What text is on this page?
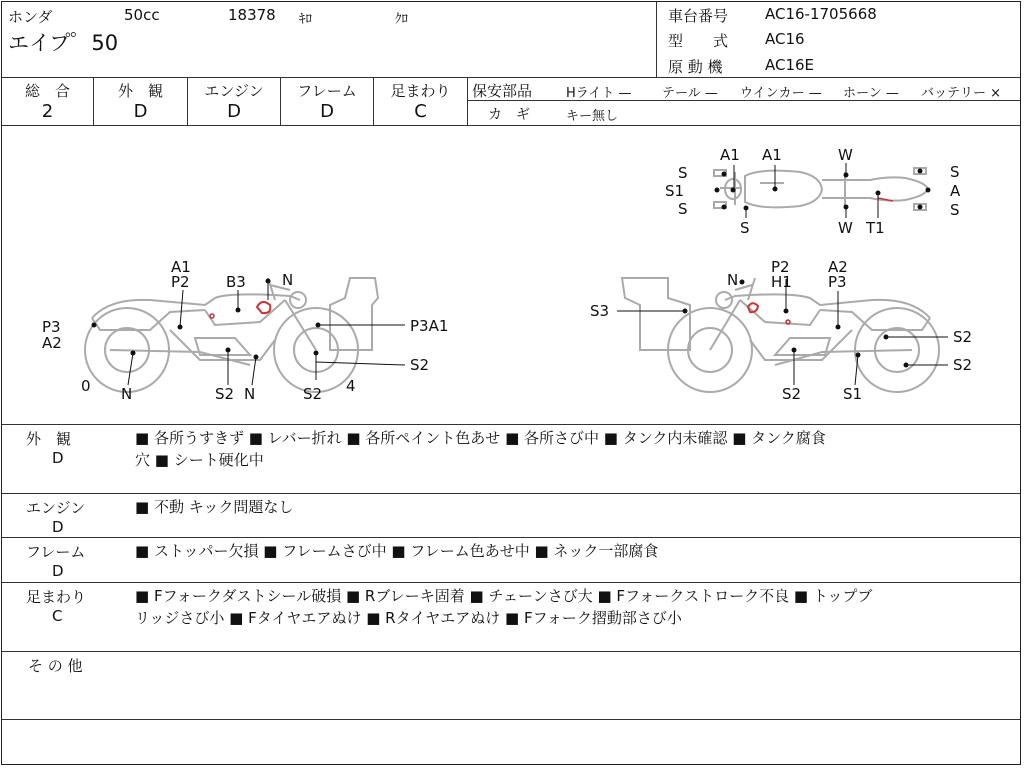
ホンダ	50cc	18378 ｷﾛ	ｸﾛ
エイプ゜50
車台番号 AC16-1705668
型　　式 AC16
原 動 機	AC16E
総　合
2
外　観
D
エンジン
D
フレーム
D
足まわり
C
保安部品	Hライト — テール — ウインカー — ホーン — バッテリー ×
カ　ギ	キー無し
S
S1
S
A1 A1	W
S
A
S
S	W T1
A1
P2 B3 N
P3
A2
P3A1
S2
0 N	S2 N	S2 4
N
P2
H1
A2
P3
S3
S2
S2
S2	S1
外　観
D
■ 各所うすきず ■ レバー折れ ■ 各所ペイント色あせ ■ 各所さび中 ■ タンク内未確認 ■ タンク腐食
穴 ■ シート硬化中
エンジン
D
■ 不動 キック問題なし
フレーム
D
■ ストッパー欠損 ■ フレームさび中 ■ フレーム色あせ中 ■ ネック一部腐食
足まわり
C
■ Fフォークダストシール破損 ■ Rブレーキ固着 ■ チェーンさび大 ■ Fフォークストローク不良 ■ トップブ
リッジさび小 ■ Fタイヤエアぬけ ■ Rタイヤエアぬけ ■ Fフォーク摺動部さび小
そ の 他
